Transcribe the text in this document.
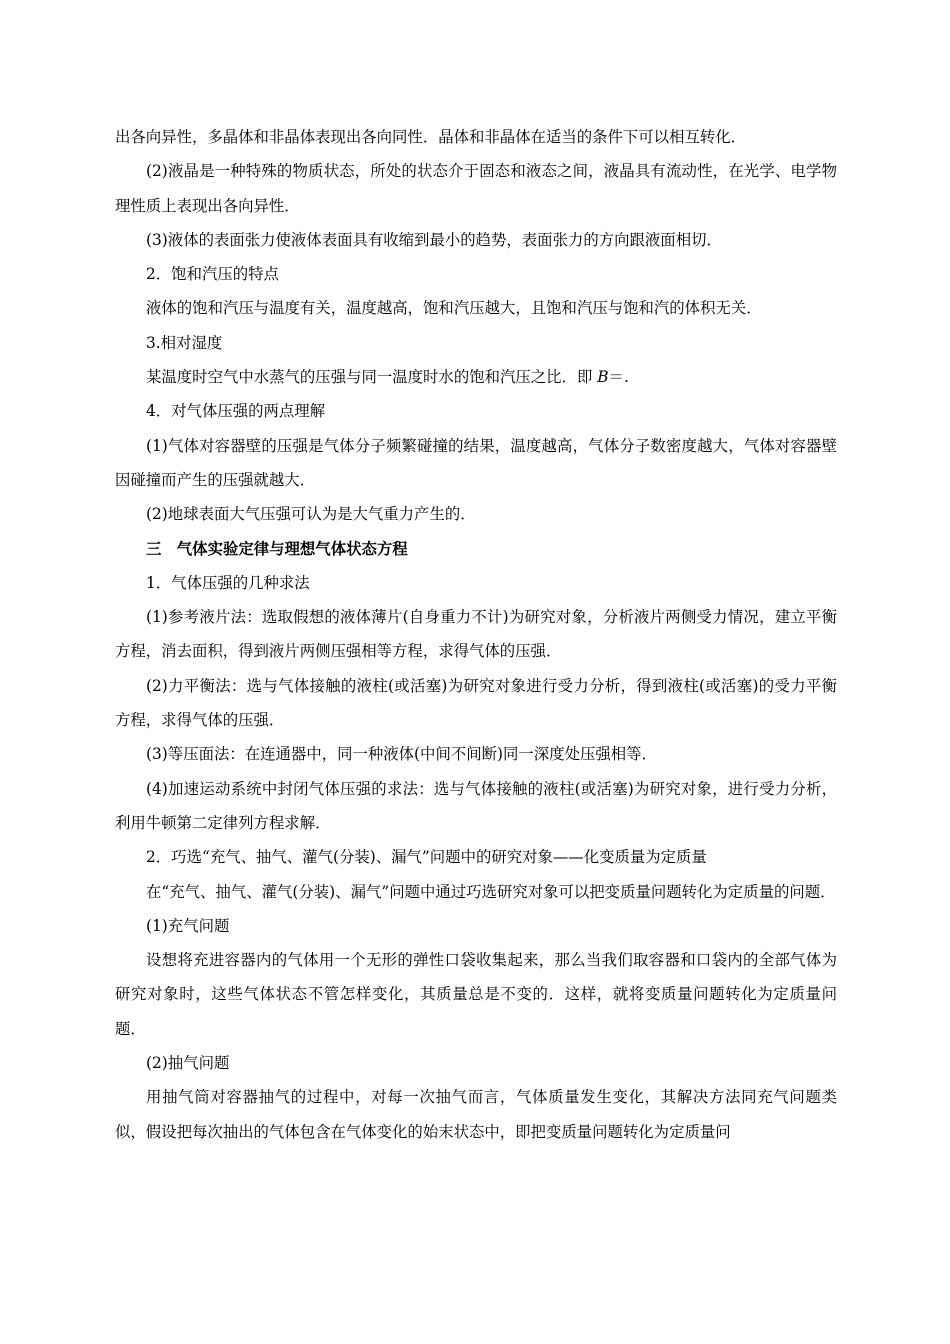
出各向异性，多晶体和非晶体表现出各向同性．晶体和非晶体在适当的条件下可以相互转化．

(2)液晶是一种特殊的物质状态，所处的状态介于固态和液态之间，液晶具有流动性，在光学、电学物理性质上表现出各向异性．

(3)液体的表面张力使液体表面具有收缩到最小的趋势，表面张力的方向跟液面相切．

2．饱和汽压的特点

液体的饱和汽压与温度有关，温度越高，饱和汽压越大，且饱和汽压与饱和汽的体积无关．

3.相对湿度

某温度时空气中水蒸气的压强与同一温度时水的饱和汽压之比．即 B＝.

4．对气体压强的两点理解

(1)气体对容器壁的压强是气体分子频繁碰撞的结果，温度越高，气体分子数密度越大，气体对容器壁因碰撞而产生的压强就越大．

(2)地球表面大气压强可认为是大气重力产生的．

三　气体实验定律与理想气体状态方程

1．气体压强的几种求法

(1)参考液片法：选取假想的液体薄片(自身重力不计)为研究对象，分析液片两侧受力情况，建立平衡方程，消去面积，得到液片两侧压强相等方程，求得气体的压强．

(2)力平衡法：选与气体接触的液柱(或活塞)为研究对象进行受力分析，得到液柱(或活塞)的受力平衡方程，求得气体的压强．

(3)等压面法：在连通器中，同一种液体(中间不间断)同一深度处压强相等．

(4)加速运动系统中封闭气体压强的求法：选与气体接触的液柱(或活塞)为研究对象，进行受力分析，利用牛顿第二定律列方程求解．

2．巧选“充气、抽气、灌气(分装)、漏气”问题中的研究对象——化变质量为定质量

在“充气、抽气、灌气(分装)、漏气”问题中通过巧选研究对象可以把变质量问题转化为定质量的问题．

(1)充气问题

设想将充进容器内的气体用一个无形的弹性口袋收集起来，那么当我们取容器和口袋内的全部气体为研究对象时，这些气体状态不管怎样变化，其质量总是不变的．这样，就将变质量问题转化为定质量问题．

(2)抽气问题

用抽气筒对容器抽气的过程中，对每一次抽气而言，气体质量发生变化，其解决方法同充气问题类似，假设把每次抽出的气体包含在气体变化的始末状态中，即把变质量问题转化为定质量问
